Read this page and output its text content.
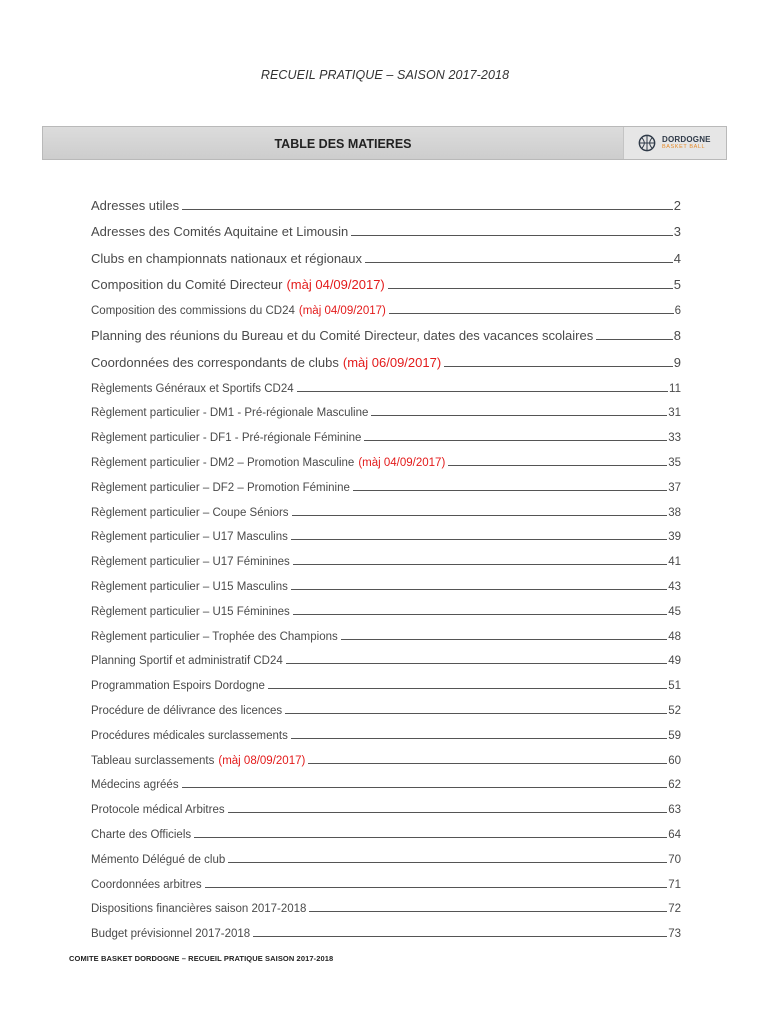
RECUEIL PRATIQUE – SAISON 2017-2018
TABLE DES MATIERES	DORDOGNE
BASKET BALL
Adresses utiles	2
Adresses des Comités Aquitaine et Limousin	3
Clubs en championnats nationaux et régionaux	4
Composition du Comité Directeur (màj 04/09/2017)	5
Composition des commissions du CD24 (màj 04/09/2017)	6
Planning des réunions du Bureau et du Comité Directeur, dates des vacances scolaires	8
Coordonnées des correspondants de clubs (màj 06/09/2017)	9
Règlements Généraux et Sportifs CD24	11
Règlement particulier - DM1 - Pré-régionale Masculine	31
Règlement particulier - DF1 - Pré-régionale Féminine	33
Règlement particulier - DM2 – Promotion Masculine (màj 04/09/2017)	35
Règlement particulier – DF2 – Promotion Féminine	37
Règlement particulier – Coupe Séniors	38
Règlement particulier – U17 Masculins	39
Règlement particulier – U17 Féminines	41
Règlement particulier – U15 Masculins	43
Règlement particulier – U15 Féminines	45
Règlement particulier – Trophée des Champions	48
Planning Sportif et administratif CD24	49
Programmation Espoirs Dordogne	51
Procédure de délivrance des licences	52
Procédures médicales surclassements	59
Tableau surclassements (màj 08/09/2017)	60
Médecins agréés	62
Protocole médical Arbitres	63
Charte des Officiels	64
Mémento Délégué de club	70
Coordonnées arbitres	71
Dispositions financières saison 2017-2018	72
Budget prévisionnel 2017-2018	73
COMITE BASKET DORDOGNE – RECUEIL PRATIQUE SAISON 2017-2018
